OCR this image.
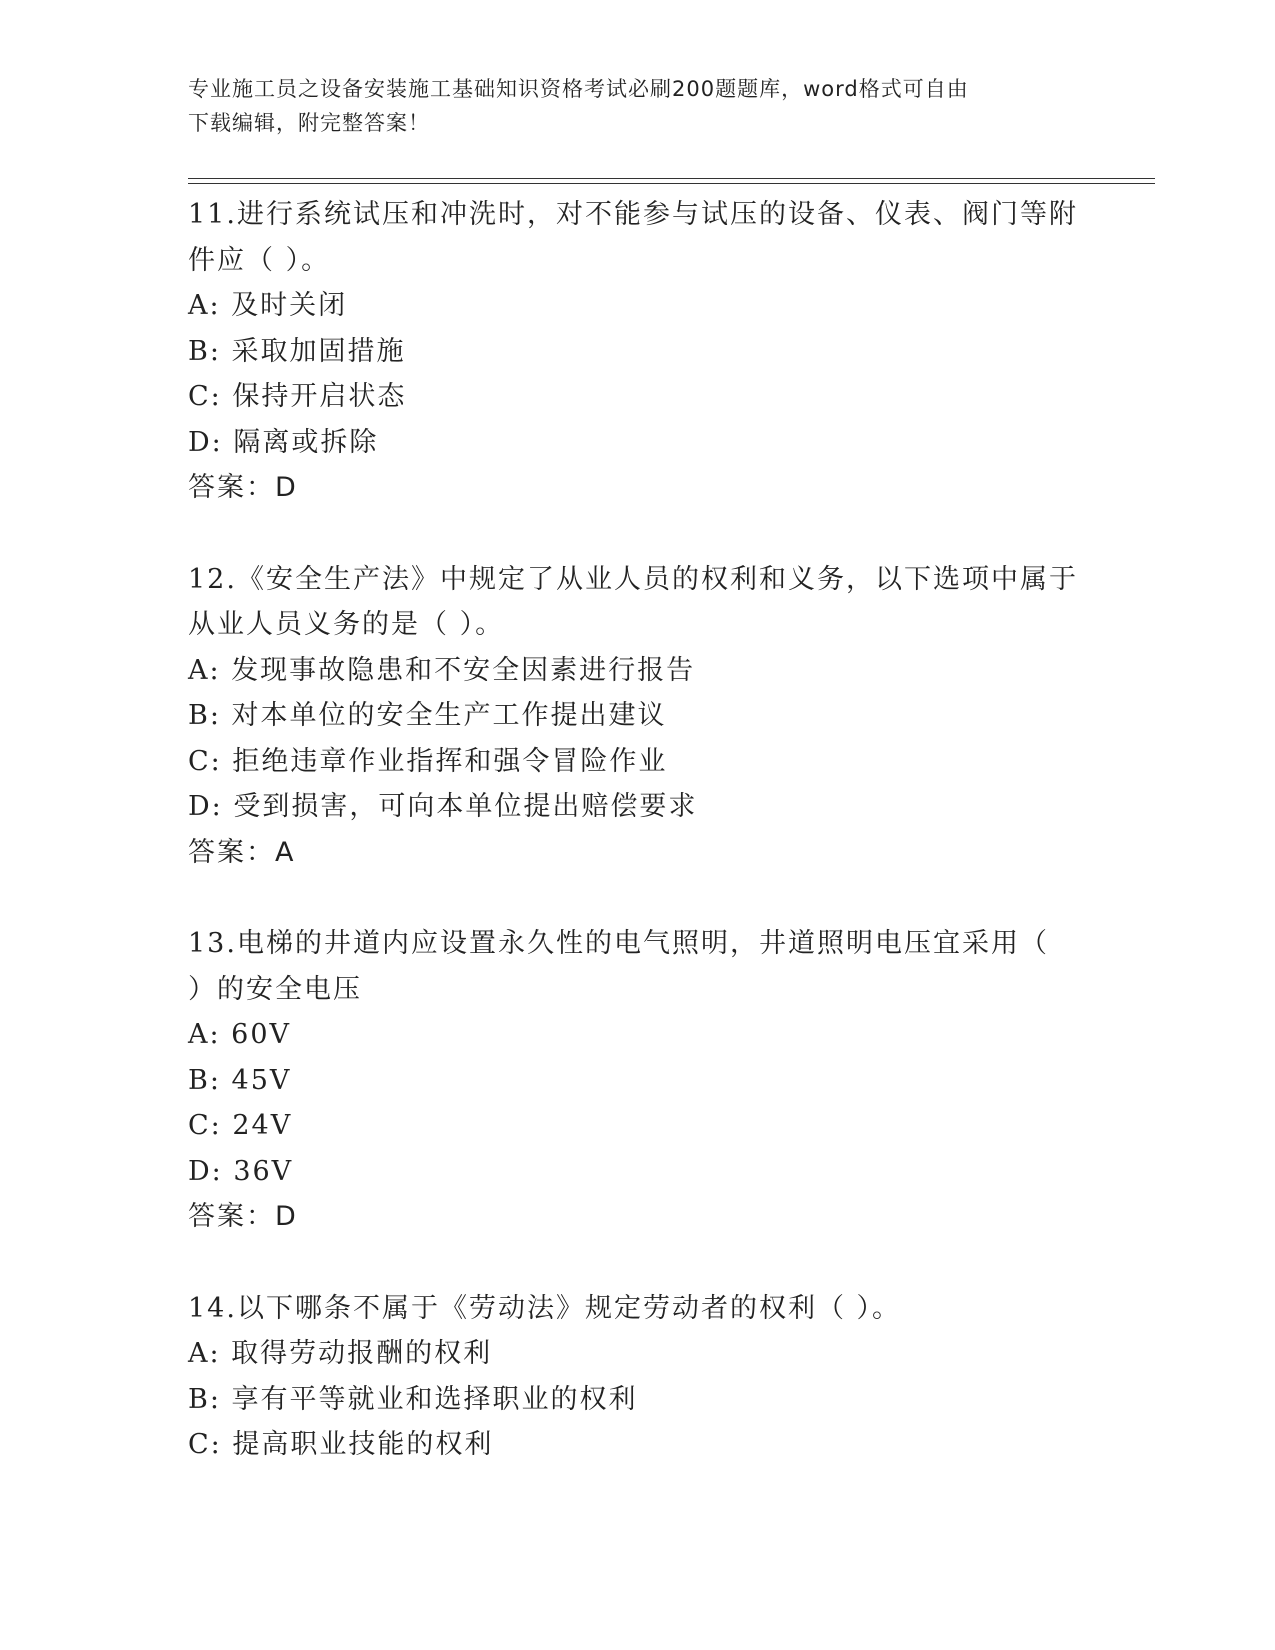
专业施工员之设备安装施工基础知识资格考试必刷200题题库，word格式可自由
下载编辑，附完整答案！
11.进行系统试压和冲洗时，对不能参与试压的设备、仪表、阀门等附
件应（ ）。
A: 及时关闭
B: 采取加固措施
C: 保持开启状态
D: 隔离或拆除
答案：D
12.《安全生产法》中规定了从业人员的权利和义务，以下选项中属于
从业人员义务的是（ ）。
A: 发现事故隐患和不安全因素进行报告
B: 对本单位的安全生产工作提出建议
C: 拒绝违章作业指挥和强令冒险作业
D: 受到损害，可向本单位提出赔偿要求
答案：A
13.电梯的井道内应设置永久性的电气照明，井道照明电压宜采用（
）的安全电压
A: 60V
B: 45V
C: 24V
D: 36V
答案：D
14.以下哪条不属于《劳动法》规定劳动者的权利（ ）。
A: 取得劳动报酬的权利
B: 享有平等就业和选择职业的权利
C: 提高职业技能的权利
